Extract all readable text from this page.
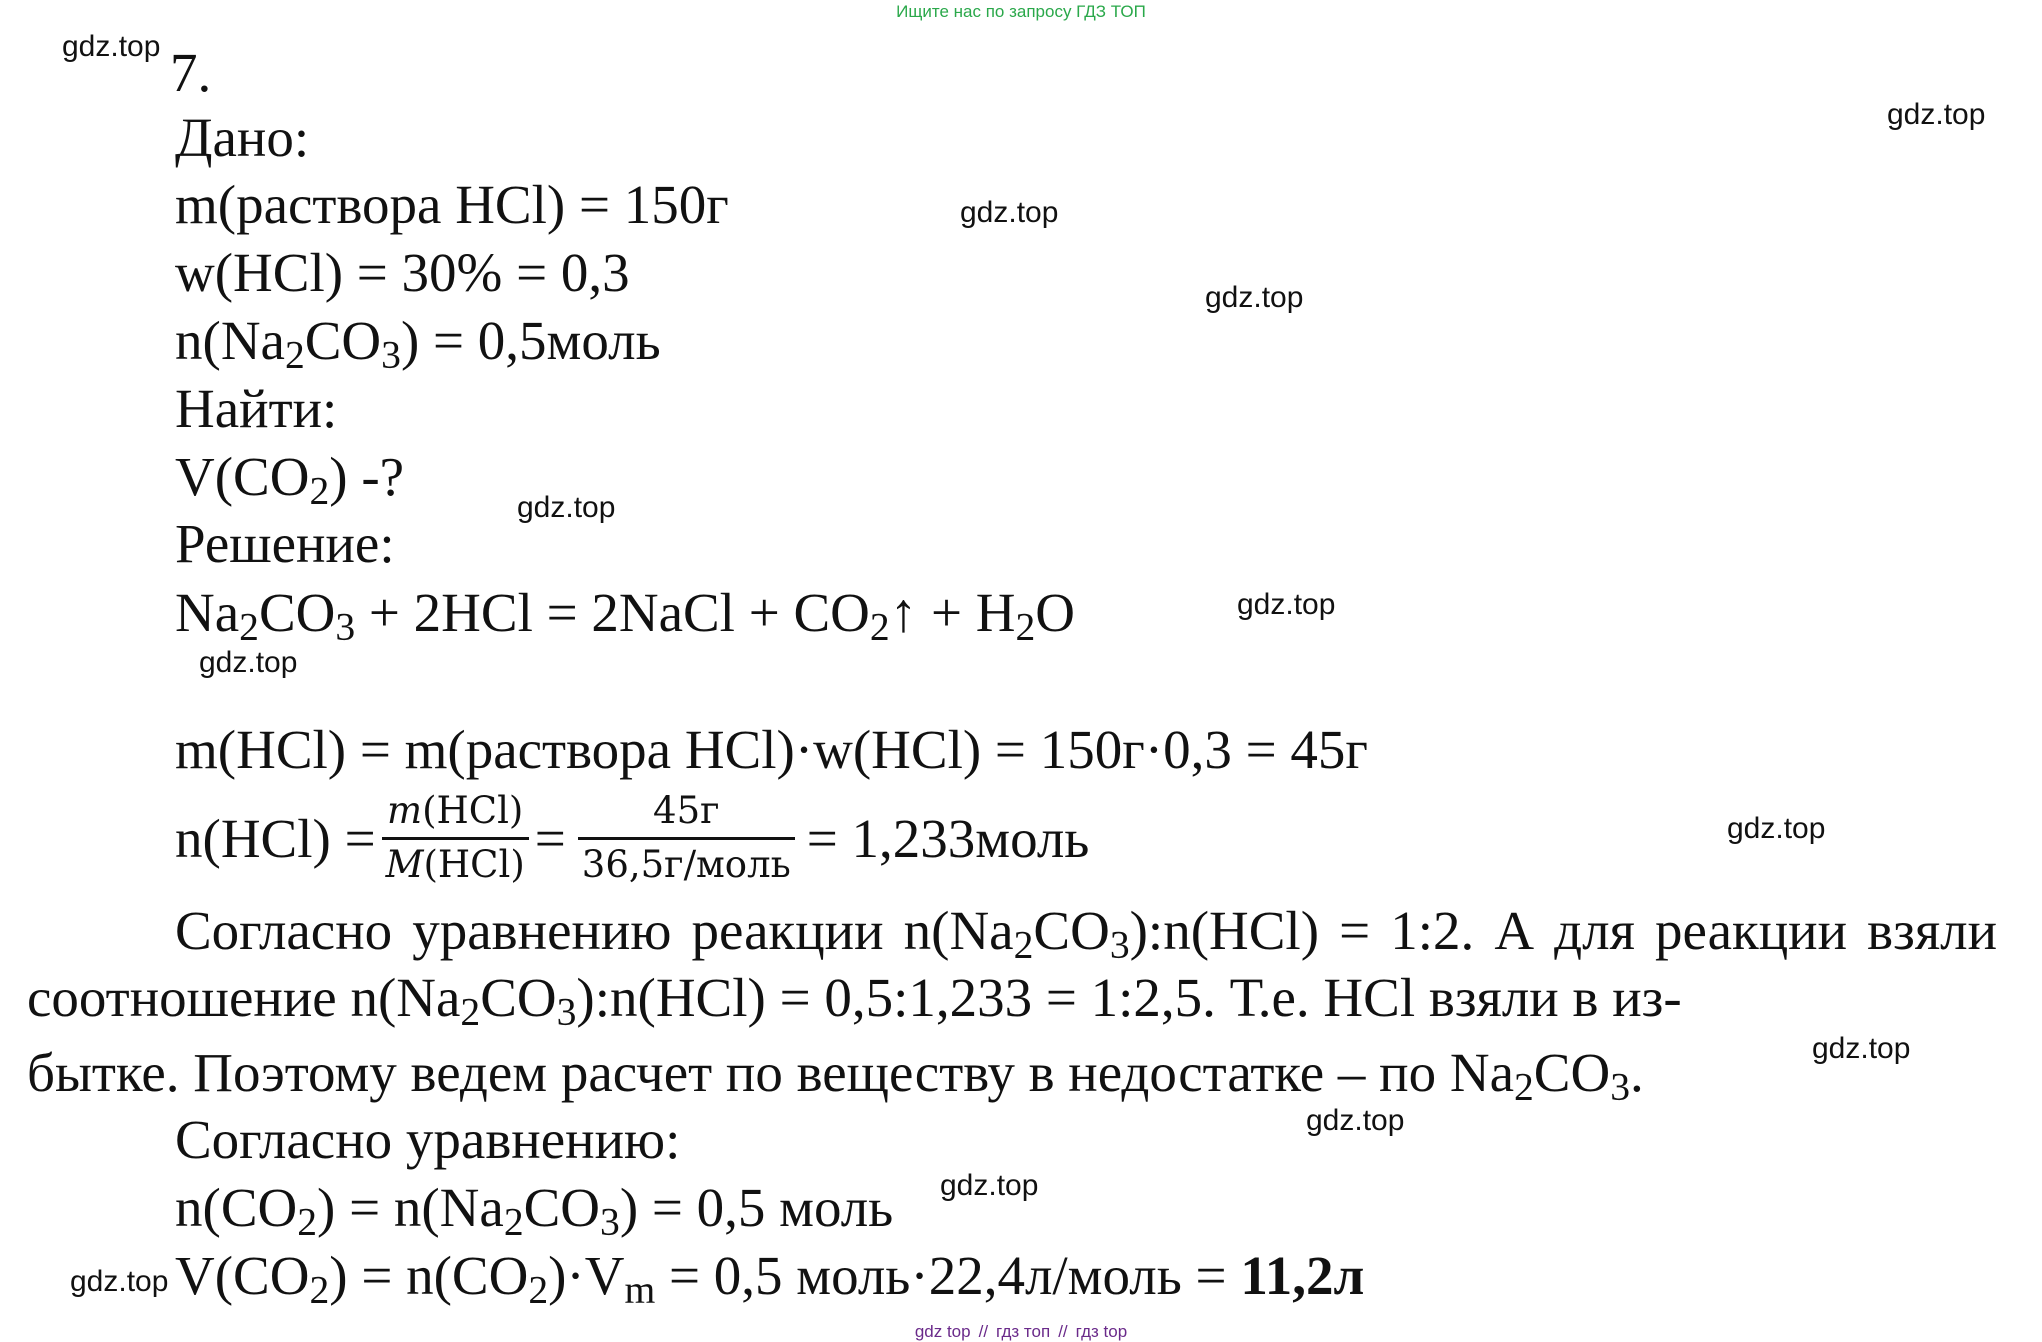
Ищите нас по запросу ГДЗ ТОП
gdz.top
gdz.top
gdz.top
gdz.top
gdz.top
gdz.top
gdz.top
gdz.top
gdz.top
gdz.top
gdz.top
gdz.top
7.
Дано:
m(раствора HCl) = 150г
w(HCl) = 30% = 0,3
$n(Na_2CO_3)$ = 0,5моль
Найти:
$V(CO_2)$ -?
Решение:
$Na_2CO_3 + 2HCl$ = 2NaCl + $CO_2↑ + H_2O$
m(HCl) = m(раствора HCl)·w(HCl) = 150г·0,3 = 45г
$n(HCl) = \frac{\text{m(HCl)}}{\text{M(HCl)}} = \frac{45г}{\text{36,5г/моль}}$ = 1,233моль

Согласно уравнению реакции $n(Na_2CO_3):n(HCl)$ = 1:2. А для реакции взяли соотношение $n(Na_2CO_3):n(HCl)$ = 0,5:1,233 = 1:2,5. Т.е. HCl взяли в из-

бытке. Поэтому ведем расчет по веществу в недостатке – по $Na_2CO_3$.
Согласно уравнению:
$n(CO_2) = n(Na_2CO_3) = 0,5$ моль
$V(CO_2) = n(CO_2)\cdot V_m = 0,5$ моль·22,4л/моль = 11,2л
gdz top // гдз топ // гдз top
